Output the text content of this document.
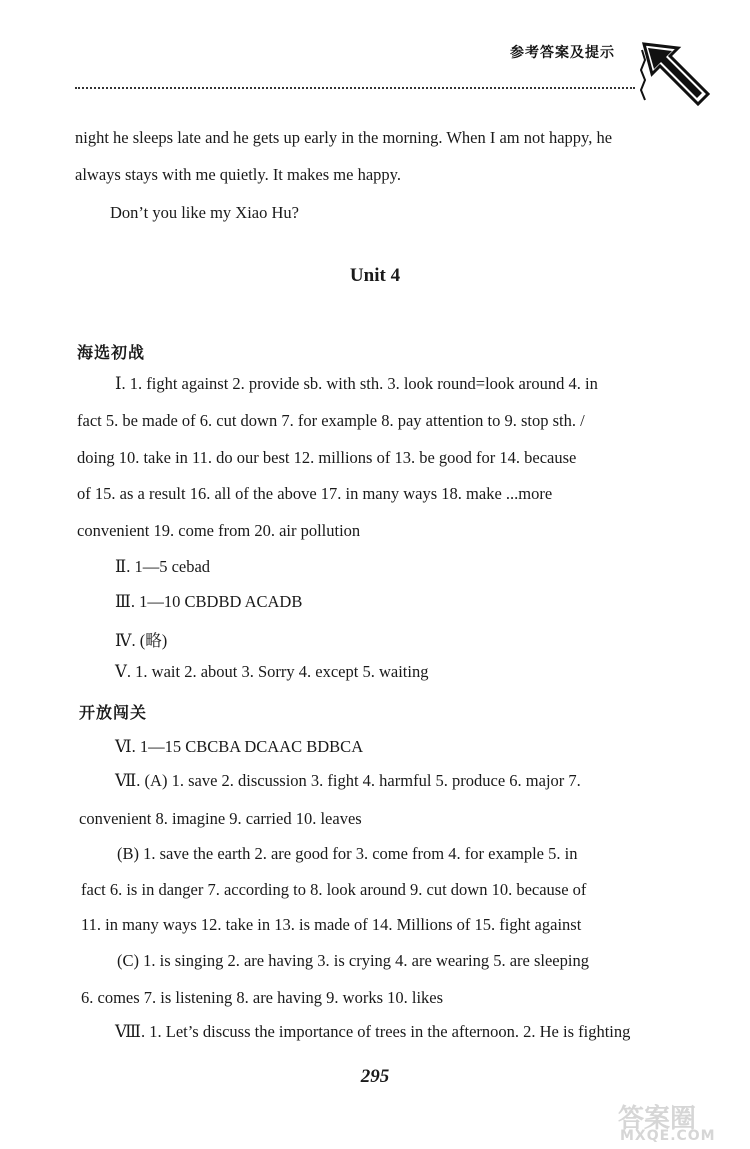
参考答案及提示
night he sleeps late and he gets up early in the morning. When I am not happy, he
always stays with me quietly. It makes me happy.
Don’t you like my Xiao Hu?
Unit 4
海选初战
Ⅰ. 1. fight against 2. provide sb. with sth. 3. look round=look around 4. in
fact 5. be made of 6. cut down 7. for example 8. pay attention to 9. stop sth. /
doing 10. take in 11. do our best 12. millions of 13. be good for 14. because
of 15. as a result 16. all of the above 17. in many ways 18. make ...more
convenient 19. come from 20. air pollution
Ⅱ. 1—5 cebad
Ⅲ. 1—10 CBDBD ACADB
Ⅳ. (略)
Ⅴ. 1. wait 2. about 3. Sorry 4. except 5. waiting
开放闯关
Ⅵ. 1—15 CBCBA DCAAC BDBCA
Ⅶ. (A) 1. save 2. discussion 3. fight 4. harmful 5. produce 6. major 7.
convenient 8. imagine 9. carried 10. leaves
(B) 1. save the earth 2. are good for 3. come from 4. for example 5. in
fact 6. is in danger 7. according to 8. look around 9. cut down 10. because of
11. in many ways 12. take in 13. is made of 14. Millions of 15. fight against
(C) 1. is singing 2. are having 3. is crying 4. are wearing 5. are sleeping
6. comes 7. is listening 8. are having 9. works 10. likes
Ⅷ. 1. Let’s discuss the importance of trees in the afternoon. 2. He is fighting
295
答案圈
MXQE.COM
